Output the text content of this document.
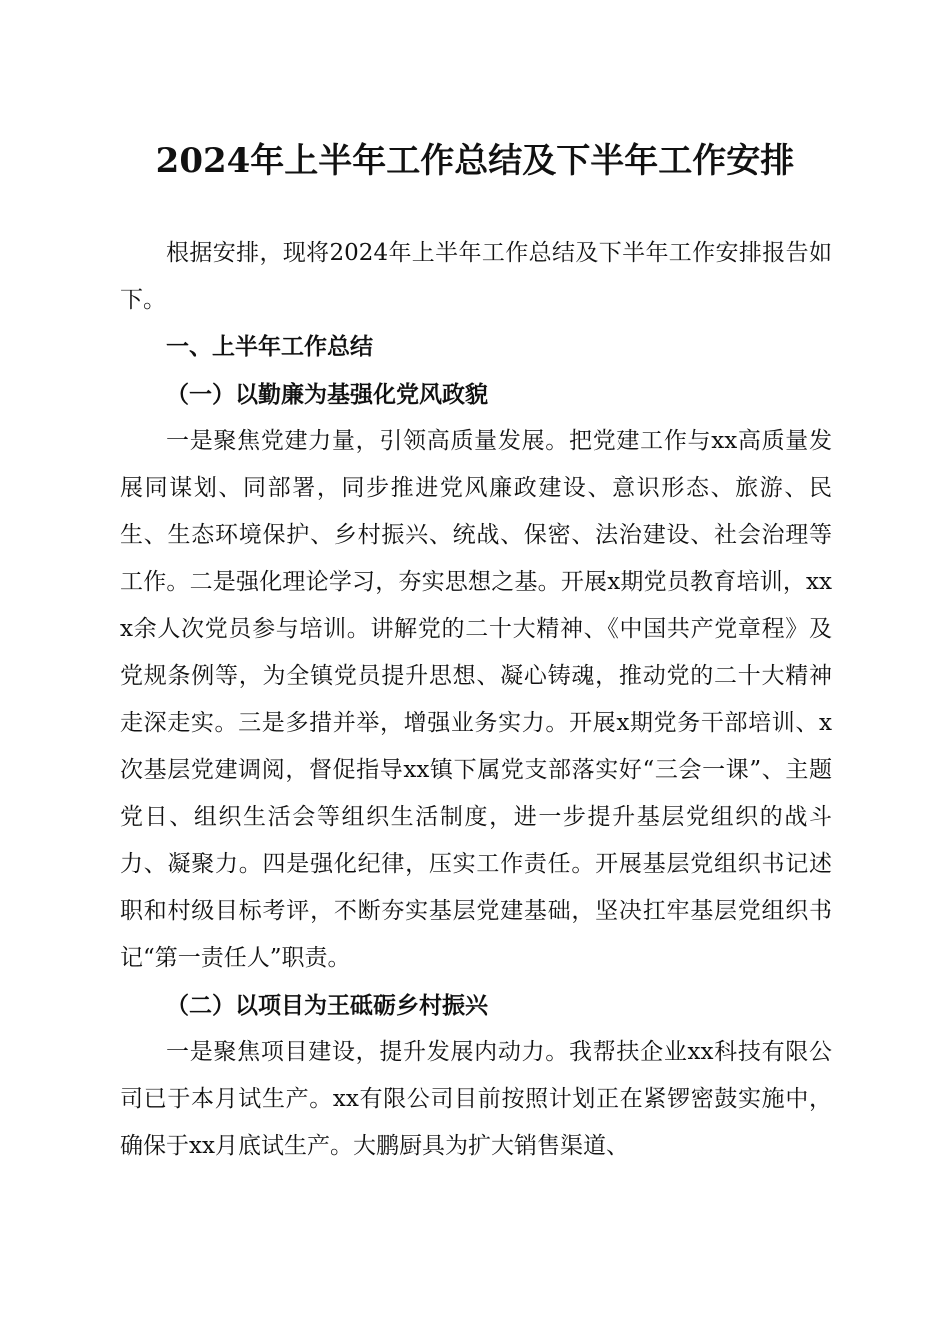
2024年上半年工作总结及下半年工作安排

根据安排，现将2024年上半年工作总结及下半年工作安排报告如下。

一、上半年工作总结

（一）以勤廉为基强化党风政貌

一是聚焦党建力量，引领高质量发展。把党建工作与xx高质量发展同谋划、同部署，同步推进党风廉政建设、意识形态、旅游、民生、生态环境保护、乡村振兴、统战、保密、法治建设、社会治理等工作。二是强化理论学习，夯实思想之基。开展x期党员教育培训，xxx余人次党员参与培训。讲解党的二十大精神、《中国共产党章程》及党规条例等，为全镇党员提升思想、凝心铸魂，推动党的二十大精神走深走实。三是多措并举，增强业务实力。开展x期党务干部培训、x次基层党建调阅，督促指导xx镇下属党支部落实好“三会一课”、主题党日、组织生活会等组织生活制度，进一步提升基层党组织的战斗力、凝聚力。四是强化纪律，压实工作责任。开展基层党组织书记述职和村级目标考评，不断夯实基层党建基础，坚决扛牢基层党组织书记“第一责任人”职责。

（二）以项目为王砥砺乡村振兴

一是聚焦项目建设，提升发展内动力。我帮扶企业xx科技有限公司已于本月试生产。xx有限公司目前按照计划正在紧锣密鼓实施中，确保于xx月底试生产。大鹏厨具为扩大销售渠道、
